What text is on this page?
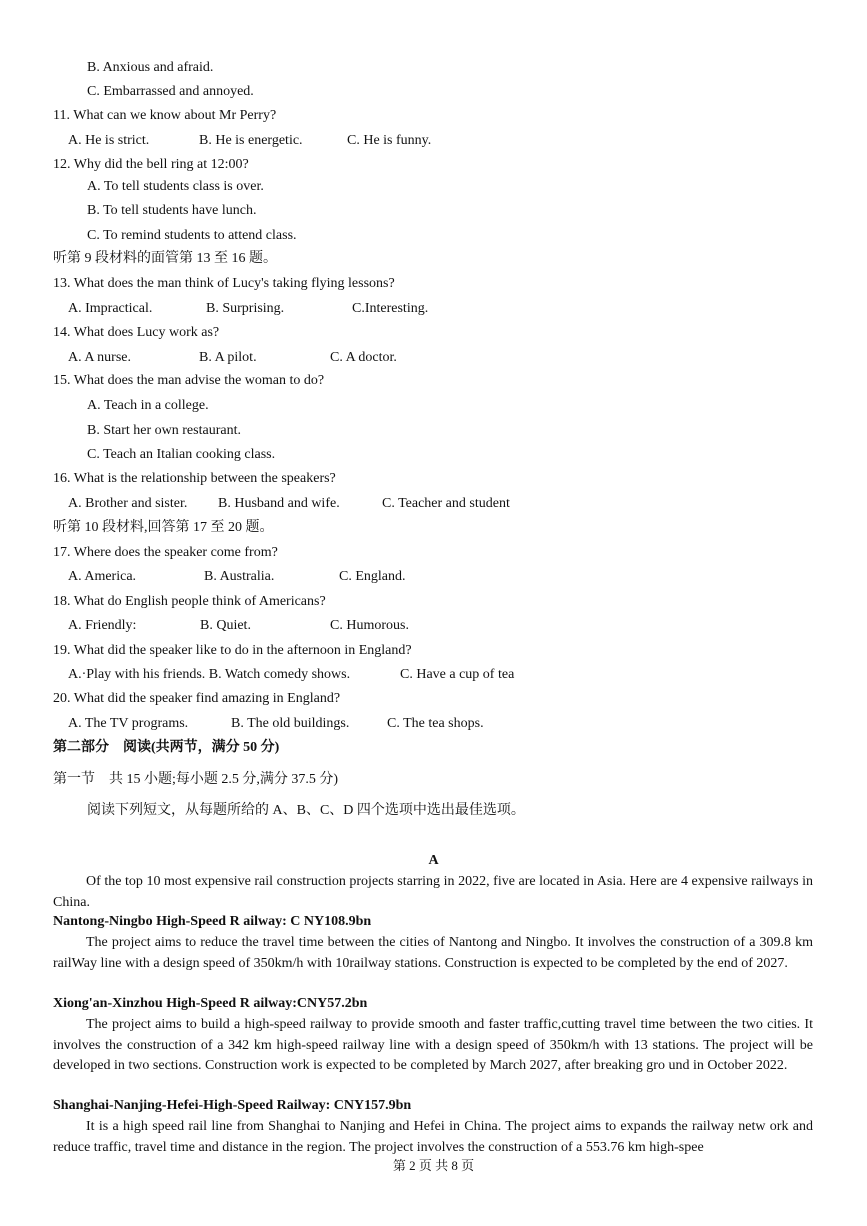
B. Anxious and afraid.
C. Embarrassed and annoyed.
11. What can we know about Mr Perry?
A. He is strict.	B. He is energetic.	C. He is funny.
12. Why did the bell ring at 12:00?
A. To tell students class is over.
B. To tell students have lunch.
C. To remind students to attend class.
听第 9 段材料的面管第 13 至 16 题。
13. What does the man think of Lucy's taking flying lessons?
A. Impractical.	B. Surprising.	C.Interesting.
14. What does Lucy work as?
A. A nurse.	B. A pilot.	C. A doctor.
15. What does the man advise the woman to do?
A. Teach in a college.
B. Start her own restaurant.
C. Teach an Italian cooking class.
16. What is the relationship between the speakers?
A. Brother and sister. B. Husband and wife.	C. Teacher and student
听第 10 段材料,回答第 17 至 20 题。
17. Where does the speaker come from?
A. America.	B. Australia.	C. England.
18. What do English people think of Americans?
A. Friendly:	B. Quiet.	C. Humorous.
19. What did the speaker like to do in the afternoon in England?
A.·Play with his friends. B. Watch comedy shows.	C. Have a cup of tea
20. What did the speaker find amazing in England?
A. The TV programs.	B. The old buildings.	C. The tea shops.
第二部分　阅读(共两节，满分 50 分)
第一节　共 15 小题;每小题 2.5 分,满分 37.5 分)
阅读下列短文，从每题所给的 A、B、C、D 四个选项中选出最佳选项。
A
Of the top 10 most expensive rail construction projects starring in 2022, five are located in Asia. Here are 4 expensive railways in China.
Nantong-Ningbo High-Speed R ailway: C NY108.9bn
The project aims to reduce the travel time between the cities of Nantong and Ningbo. It involves the construction of a 309.8 km railWay line with a design speed of 350km/h with 10railway stations. Construction is expected to be completed by the end of 2027.
Xiong'an-Xinzhou High-Speed R ailway:CNY57.2bn
The project aims to build a high-speed railway to provide smooth and faster traffic,cutting travel time between the two cities. It involves the construction of a 342 km high-speed railway line with a design speed of 350km/h with 13 stations. The project will be developed in two sections. Construction work is expected to be completed by March 2027, after breaking gro und in October 2022.
Shanghai-Nanjing-Hefei-High-Speed Railway: CNY157.9bn
It is a high speed rail line from Shanghai to Nanjing and Hefei in China. The project aims to expands the railway netw ork and reduce traffic, travel time and distance in the region. The project involves the construction of a 553.76 km high-spee
第 2 页 共 8 页
